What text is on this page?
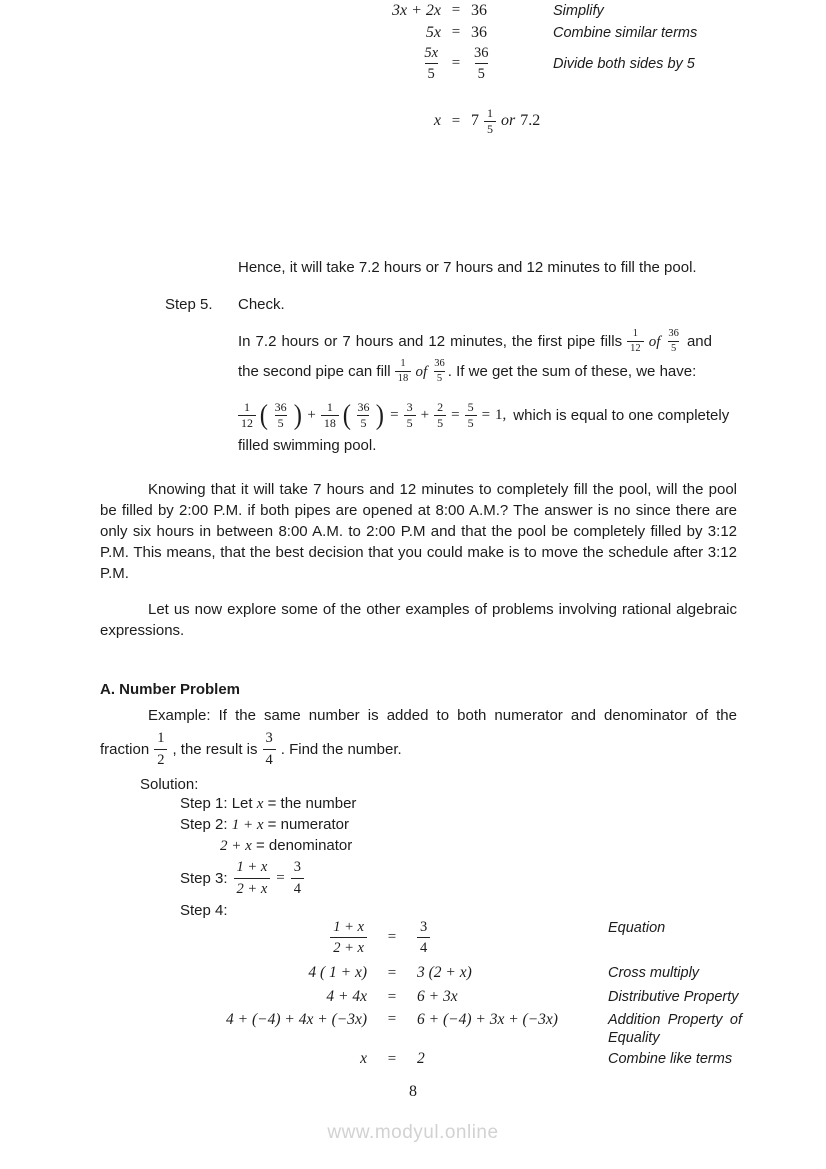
3x + 2x = 36	Simplify
5x = 36	Combine similar terms
$\frac{5x}{5} = \frac{36}{5}$	Divide both sides by 5
$x = 7 \frac{1}{5}$ or 7.2
Hence, it will take 7.2 hours or 7 hours and 12 minutes to fill the pool.
Step 5. Check.
In 7.2 hours or 7 hours and 12 minutes, the first pipe fills $\frac{1}{12}$ of $\frac{36}{5}$ and the second pipe can fill $\frac{1}{18}$ of $\frac{36}{5}$ . If we get the sum of these, we have:
$\frac{1}{12}$ ( $\frac{36}{5}$ ) + $\frac{1}{18}$ ( $\frac{36}{5}$ ) = $\frac{3}{5} + \frac{2}{5} = \frac{5}{5} = 1$, which is equal to one completely
filled swimming pool.
Knowing that it will take 7 hours and 12 minutes to completely fill the pool, will the pool be filled by 2:00 P.M. if both pipes are opened at 8:00 A.M.? The answer is no since there are only six hours in between 8:00 A.M. to 2:00 P.M and that the pool be completely filled by 3:12 P.M. This means, that the best decision that you could make is to move the schedule after 3:12 P.M.
Let us now explore some of the other examples of problems involving rational algebraic expressions.
A. Number Problem
Example: If the same number is added to both numerator and denominator of the
fraction $\frac{1}{2}$ , the result is $\frac{3}{4}$ . Find the number.
Solution:
Step 1: Let x = the number
Step 2: 1 + x = numerator
2 + x = denominator
Step 3: $\frac{1 + x}{2 + x} = \frac{3}{4}$
Step 4:
$\frac{1 + x}{2 + x}$	=	$\frac{3}{4}$	Equation
4 ( 1 + x)	=	3 (2 + x)	Cross multiply
4 + 4x	=	6 + 3x	Distributive Property
4 + (−4) + 4x + (−3x)	=	6 + (−4) + 3x + (−3x)	Addition Property of Equality
x	=	2	Combine like terms
8
www.modyul.online
